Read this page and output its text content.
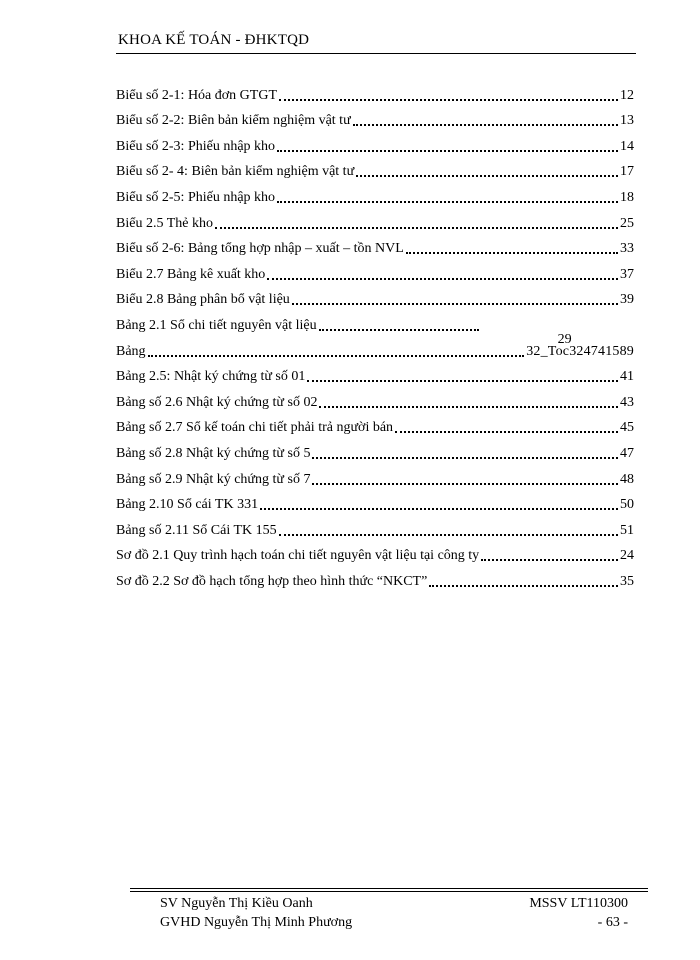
KHOA KẾ TOÁN - ĐHKTQD
Biểu số 2-1: Hóa đơn GTGT	12
Biểu số 2-2: Biên bản kiểm nghiệm vật tư	13
Biểu số 2-3: Phiếu nhập kho	14
Biểu số 2- 4: Biên bản kiểm nghiệm vật tư	17
Biểu số 2-5: Phiếu nhập kho	18
Biểu 2.5 Thẻ kho	25
Biểu số 2-6: Bảng tổng hợp nhập – xuất – tồn NVL	33
Biểu 2.7 Bảng kê xuất kho	37
Biểu 2.8 Bảng phân bổ vật liệu	39
Bảng 2.1 Sổ chi tiết nguyên vật liệu
29
Bảng	32_Toc324741589
Bảng 2.5: Nhật ký chứng từ số 01	41
Bảng số 2.6 Nhật ký chứng từ số 02	43
Bảng số 2.7 Sổ kế toán chi tiết phải trả người bán	45
Bảng số 2.8 Nhật ký chứng từ số 5	47
Bảng số 2.9 Nhật ký chứng từ số 7	48
Bảng 2.10 Sổ cái TK 331	50
Bảng số 2.11 Sổ Cái TK 155	51
Sơ đồ 2.1 Quy trình hạch toán chi tiết nguyên vật liệu tại công ty	24
Sơ đồ 2.2 Sơ đồ hạch tổng hợp theo hình thức “NKCT”	35
SV Nguyễn Thị Kiều Oanh
GVHD Nguyễn Thị Minh Phương
MSSV LT110300
- 63 -
